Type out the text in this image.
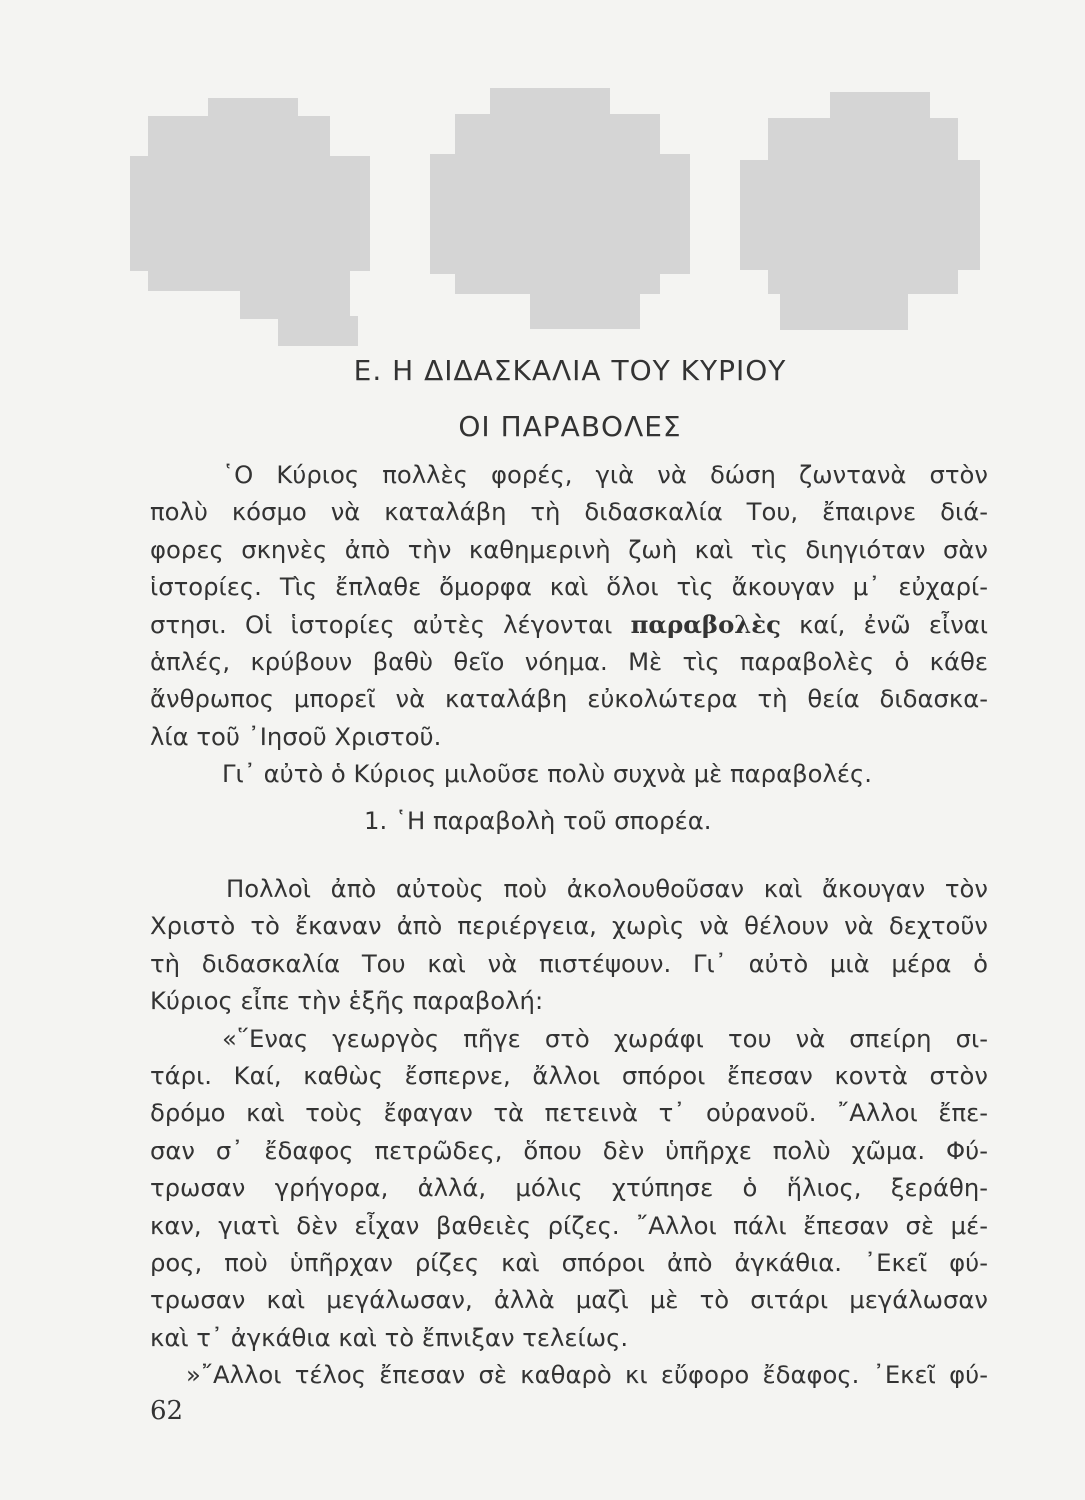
Ε. Η ΔΙΔΑΣΚΑΛΙΑ ΤΟΥ ΚΥΡΙΟΥ
ΟΙ ΠΑΡΑΒΟΛΕΣ
῾Ο Κύριος πολλὲς φορές, γιὰ νὰ δώση ζωντανὰ στὸν
πολὺ κόσμο νὰ καταλάβη τὴ διδασκαλία Του, ἔπαιρνε διά-
φορες σκηνὲς ἀπὸ τὴν καθημερινὴ ζωὴ καὶ τὶς διηγιόταν σὰν
ἱστορίες. Τὶς ἔπλαθε ὄμορφα καὶ ὅλοι τὶς ἄκουγαν μ᾿ εὐχαρί-
στησι. Οἱ ἱστορίες αὐτὲς λέγονται παραβολὲς καί, ἐνῶ εἶναι
ἁπλές, κρύβουν βαθὺ θεῖο νόημα. Μὲ τὶς παραβολὲς ὁ κάθε
ἄνθρωπος μπορεῖ νὰ καταλάβη εὐκολώτερα τὴ θεία διδασκα-
λία τοῦ ᾿Ιησοῦ Χριστοῦ.
Γι᾿ αὐτὸ ὁ Κύριος μιλοῦσε πολὺ συχνὰ μὲ παραβολές.
1. ῾Η παραβολὴ τοῦ σπορέα.
Πολλοὶ ἀπὸ αὐτοὺς ποὺ ἀκολουθοῦσαν καὶ ἄκουγαν τὸν
Χριστὸ τὸ ἔκαναν ἀπὸ περιέργεια, χωρὶς νὰ θέλουν νὰ δεχτοῦν
τὴ διδασκαλία Του καὶ νὰ πιστέψουν. Γι᾿ αὐτὸ μιὰ μέρα ὁ
Κύριος εἶπε τὴν ἑξῆς παραβολή:
«῞Ενας γεωργὸς πῆγε στὸ χωράφι του νὰ σπείρη σι-
τάρι. Καί, καθὼς ἔσπερνε, ἄλλοι σπόροι ἔπεσαν κοντὰ στὸν
δρόμο καὶ τοὺς ἔφαγαν τὰ πετεινὰ τ᾿ οὐρανοῦ. ῎Αλλοι ἔπε-
σαν σ᾿ ἔδαφος πετρῶδες, ὅπου δὲν ὑπῆρχε πολὺ χῶμα. Φύ-
τρωσαν γρήγορα, ἀλλά, μόλις χτύπησε ὁ ἥλιος, ξεράθη-
καν, γιατὶ δὲν εἶχαν βαθειὲς ρίζες. ῎Αλλοι πάλι ἔπεσαν σὲ μέ-
ρος, ποὺ ὑπῆρχαν ρίζες καὶ σπόροι ἀπὸ ἀγκάθια. ᾿Εκεῖ φύ-
τρωσαν καὶ μεγάλωσαν, ἀλλὰ μαζὶ μὲ τὸ σιτάρι μεγάλωσαν
καὶ τ᾿ ἀγκάθια καὶ τὸ ἔπνιξαν τελείως.
»῎Αλλοι τέλος ἔπεσαν σὲ καθαρὸ κι εὔφορο ἔδαφος. ᾿Εκεῖ φύ-
62
